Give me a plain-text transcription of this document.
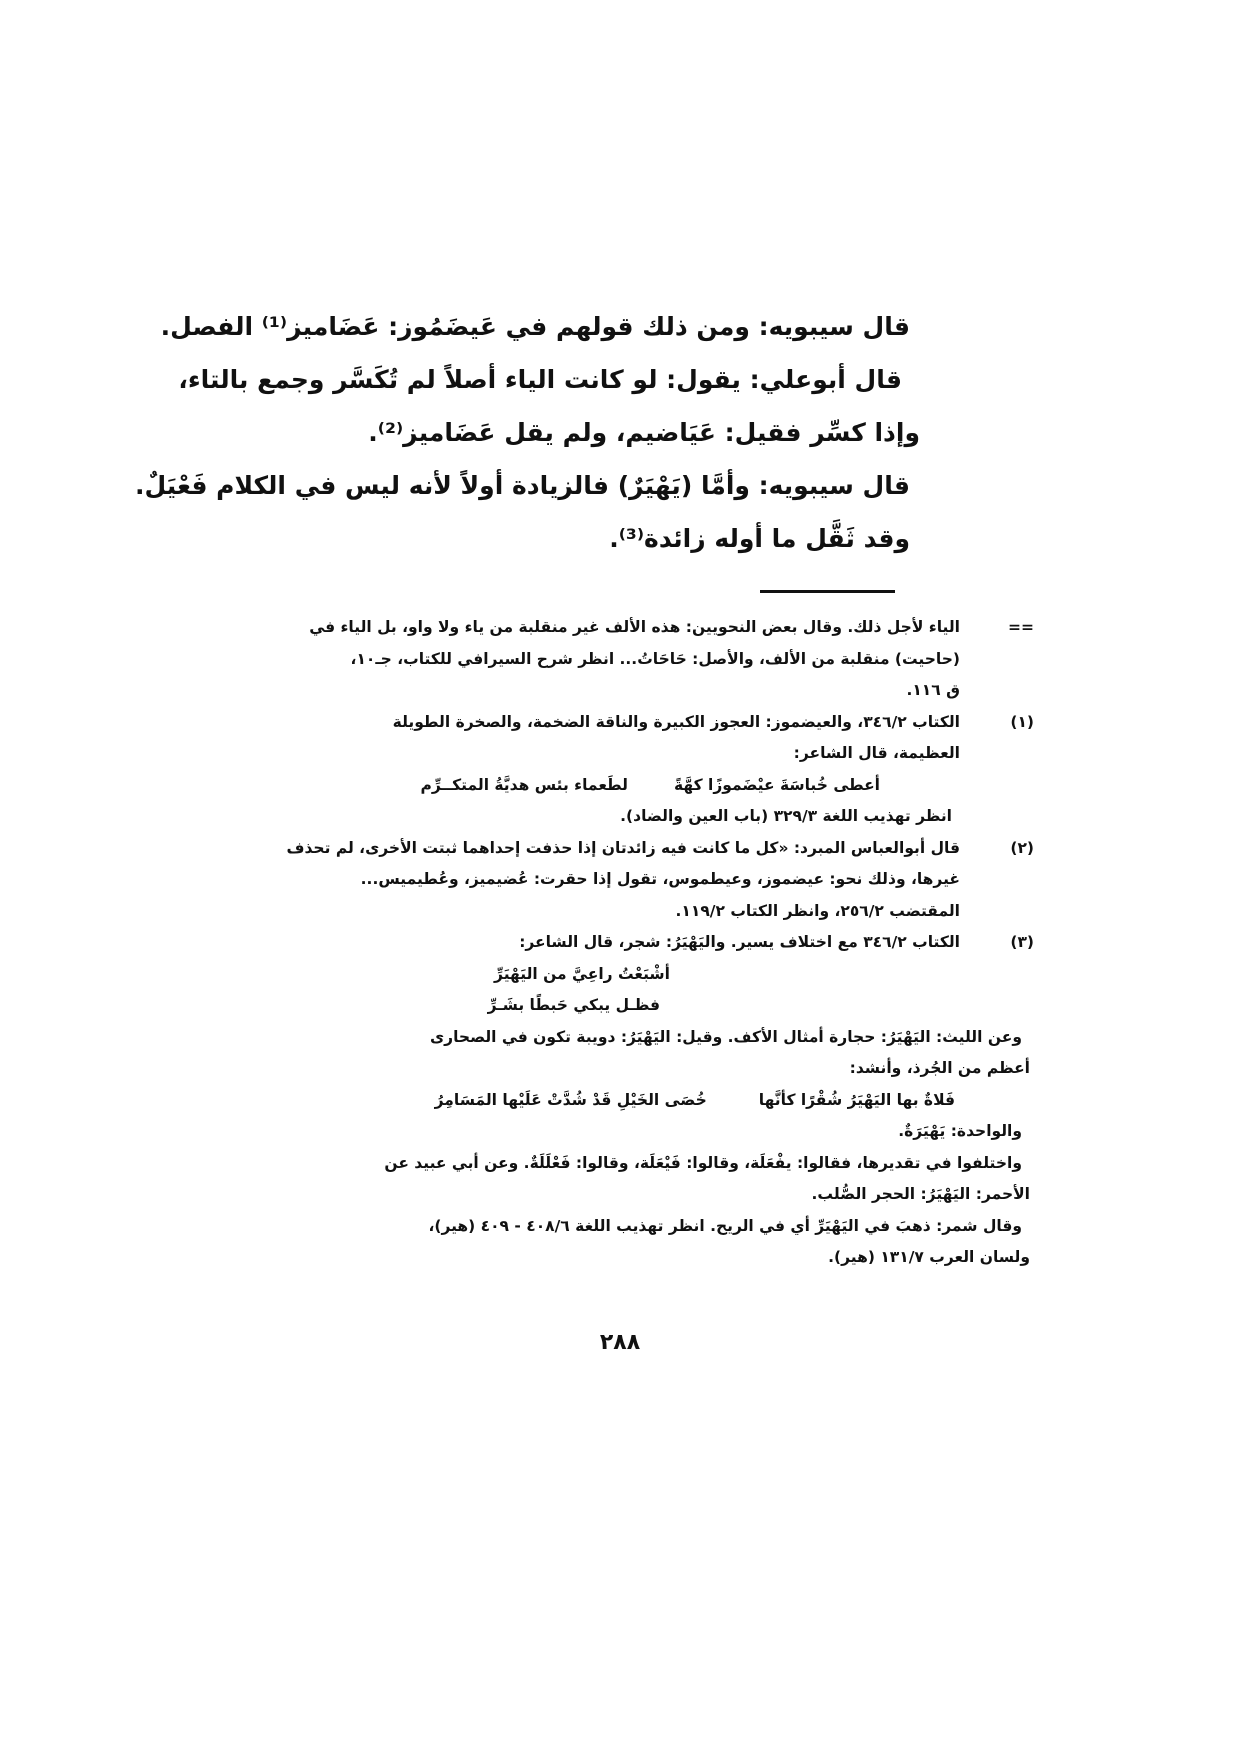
قال سيبويه: ومن ذلك قولهم في عَيضَمُوز: عَضَاميز⁽¹⁾ الفصل.
قال أبوعلي: يقول: لو كانت الياء أصلاً لم تُكَسَّر وجمع بالتاء،
وإذا كسِّر فقيل: عَيَاضيم، ولم يقل عَضَاميز⁽²⁾.
قال سيبويه: وأمَّا (يَهْيَرٌ) فالزيادة أولاً لأنه ليس في الكلام فَعْيَلٌ.
وقد ثَقَّل ما أوله زائدة⁽³⁾.
==
الياء لأجل ذلك. وقال بعض النحويين: هذه الألف غير منقلبة من ياء ولا واو، بل الياء في
(حاحيت) منقلبة من الألف، والأصل: حَاحَاتُ... انظر شرح السيرافي للكتاب، جـ١٠،
ق ١١٦.
(١)
الكتاب ٣٤٦/٢، والعيضموز: العجوز الكبيرة والناقة الضخمة، والصخرة الطويلة
العظيمة، قال الشاعر:
أعطى خُباسَةَ عيْضَموزًا كهَّةً
لطَعماء بئس هديَّةُ المتكــرِّم
انظر تهذيب اللغة ٣٢٩/٣ (باب العين والضاد).
(٢)
قال أبوالعباس المبرد: «كل ما كانت فيه زائدتان إذا حذفت إحداهما ثبتت الأخرى، لم تحذف
غيرها، وذلك نحو: عيضموز، وعيطموس، تقول إذا حقرت: عُضيميز، وعُطيميس...
المقتضب ٢٥٦/٢، وانظر الكتاب ١١٩/٢.
(٣)
الكتاب ٣٤٦/٢ مع اختلاف يسير. واليَهْيَرُ: شجر، قال الشاعر:
أشْبَعْتُ راعِيَّ من اليَهْيَرِّ
فظـل يبكي حَبطًا بشَـرِّ
وعن الليث: اليَهْيَرُ: حجارة أمثال الأكف. وقيل: اليَهْيَرُ: دويبة تكون في الصحارى
أعظم من الجُرذ، وأنشد:
فَلاةٌ بها اليَهْيَرُ شُقْرًا كأنَّها
خُصَى الخَيْلِ قَدْ شُدَّتْ عَلَيْها المَسَامِرُ
والواحدة: يَهْيَرَةٌ.
واختلفوا في تقديرها، فقالوا: يفْعَلَة، وقالوا: فَيْعَلَة، وقالوا: فَعْلَلَةٌ. وعن أبي عبيد عن
الأحمر: اليَهْيَرُ: الحجر الصُّلب.
وقال شمر: ذهبَ في اليَهْيَرِّ أي في الريح. انظر تهذيب اللغة ٤٠٨/٦ - ٤٠٩ (هير)،
ولسان العرب ١٣١/٧ (هير).
٢٨٨
